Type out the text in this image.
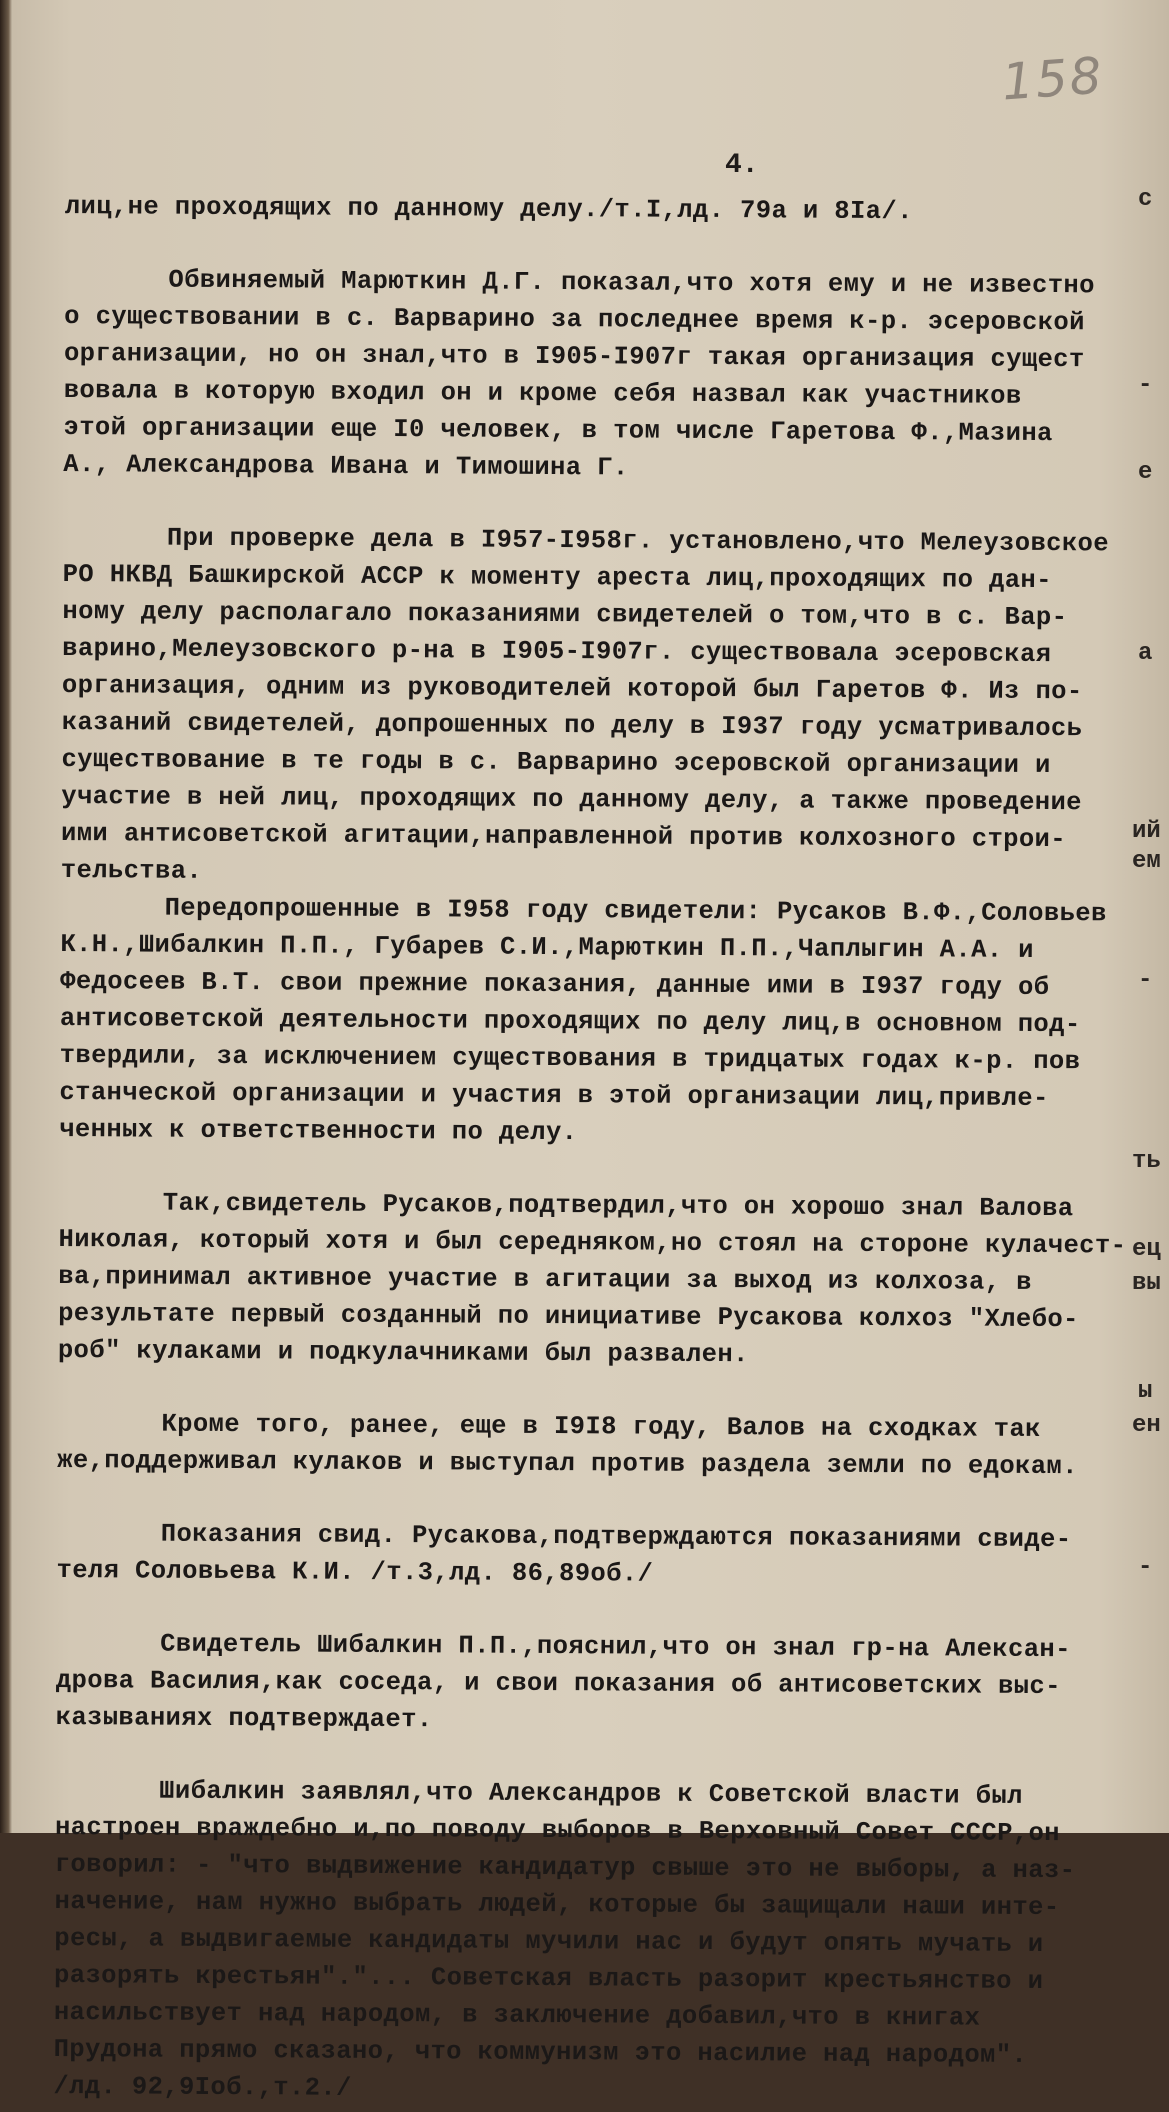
158
4.
лиц,не проходящих по данному делу./т.I,лд. 79а и 8Iа/.
Обвиняемый Марюткин Д.Г. показал,что хотя ему и не известно
о существовании в с. Варварино за последнее время к-р. эсеровской
организации, но он знал,что в I905-I907г такая организация сущест
вовала в которую входил он и кроме себя назвал как участников
этой организации еще I0 человек, в том числе Гаретова Ф.,Мазина
А., Александрова Ивана и Тимошина Г.
При проверке дела в I957-I958г. установлено,что Мелеузовское
РО НКВД Башкирской АССР к моменту ареста лиц,проходящих по дан-
ному делу располагало показаниями свидетелей о том,что в с. Вар-
варино,Мелеузовского р-на в I905-I907г. существовала эсеровская
организация, одним из руководителей которой был Гаретов Ф. Из по-
казаний свидетелей, допрошенных по делу в I937 году усматривалось
существование в те годы в с. Варварино эсеровской организации и
участие в ней лиц, проходящих по данному делу, а также проведение
ими антисоветской агитации,направленной против колхозного строи-
тельства.
Передопрошенные в I958 году свидетели: Русаков В.Ф.,Соловьев
К.Н.,Шибалкин П.П., Губарев С.И.,Марюткин П.П.,Чаплыгин А.А. и
Федосеев В.Т. свои прежние показания, данные ими в I937 году об
антисоветской деятельности проходящих по делу лиц,в основном под-
твердили, за исключением существования в тридцатых годах к-р. пов
станческой организации и участия в этой организации лиц,привле-
ченных к ответственности по делу.
Так,свидетель Русаков,подтвердил,что он хорошо знал Валова
Николая, который хотя и был середняком,но стоял на стороне кулачест-
ва,принимал активное участие в агитации за выход из колхоза, в
результате первый созданный по инициативе Русакова колхоз "Хлебо-
роб" кулаками и подкулачниками был развален.
Кроме того, ранее, еще в I9I8 году, Валов на сходках так
же,поддерживал кулаков и выступал против раздела земли по едокам.
Показания свид. Русакова,подтверждаются показаниями свиде-
теля Соловьева К.И. /т.3,лд. 86,89об./
Свидетель Шибалкин П.П.,пояснил,что он знал гр-на Алексан-
дрова Василия,как соседа, и свои показания об антисоветских выс-
казываниях подтверждает.
Шибалкин заявлял,что Александров к Советской власти был
настроен враждебно и,по поводу выборов в Верховный Совет СССР,он
говорил: - "что выдвижение кандидатур свыше это не выборы, а наз-
начение, нам нужно выбрать людей, которые бы защищали наши инте-
ресы, а выдвигаемые кандидаты мучили нас и будут опять мучать и
разорять крестьян"."... Советская власть разорит крестьянство и
насильствует над народом, в заключение добавил,что в книгах
Прудона прямо сказано, что коммунизм это насилие над народом".
/лд. 92,9Iоб.,т.2./
с
-
е
а
ий
ем
-
ть
ец
вы
ы
ен
-
